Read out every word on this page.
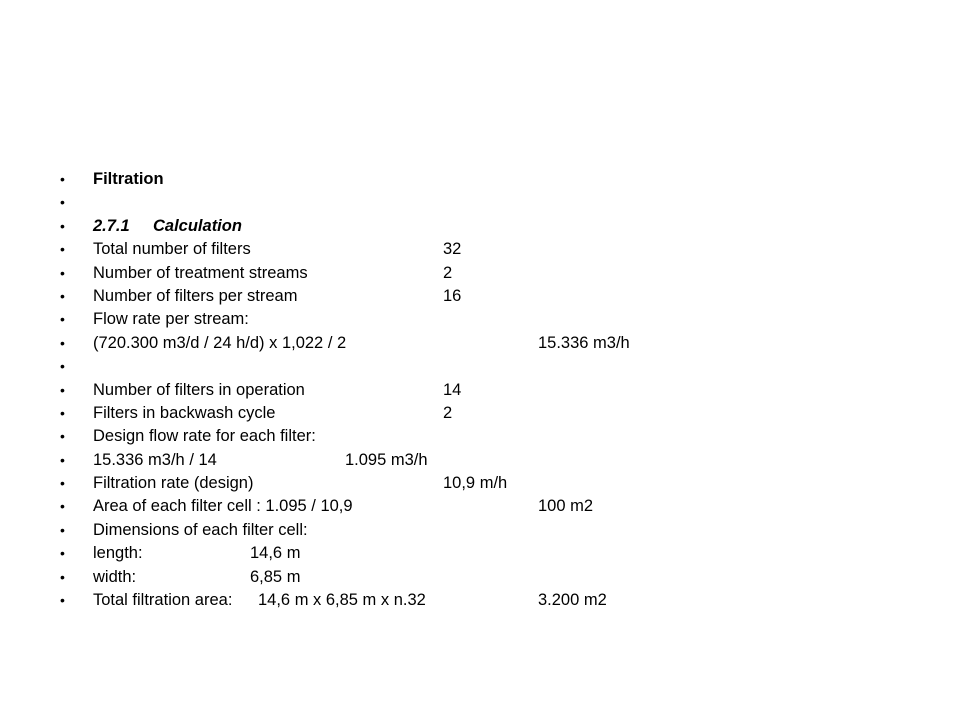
•	Filtration
•
•	2.7.1 Calculation
•	Total number of filters	32
•	Number of treatment streams	2
•	Number of filters per stream	16
•	Flow rate per stream:
•	(720.300 m3/d / 24 h/d) x 1,022 / 2	15.336 m3/h
•
•	Number of filters in operation	14
•	Filters in backwash cycle	2
•	Design flow rate for each filter:
•	15.336 m3/h / 14	1.095 m3/h
•	Filtration rate (design)	10,9 m/h
•	Area of each filter cell : 1.095 / 10,9	100 m2
•	Dimensions of each filter cell:
•	length:	14,6 m
•	width:	6,85 m
•	Total filtration area: 14,6 m x 6,85 m x n.32	3.200 m2
